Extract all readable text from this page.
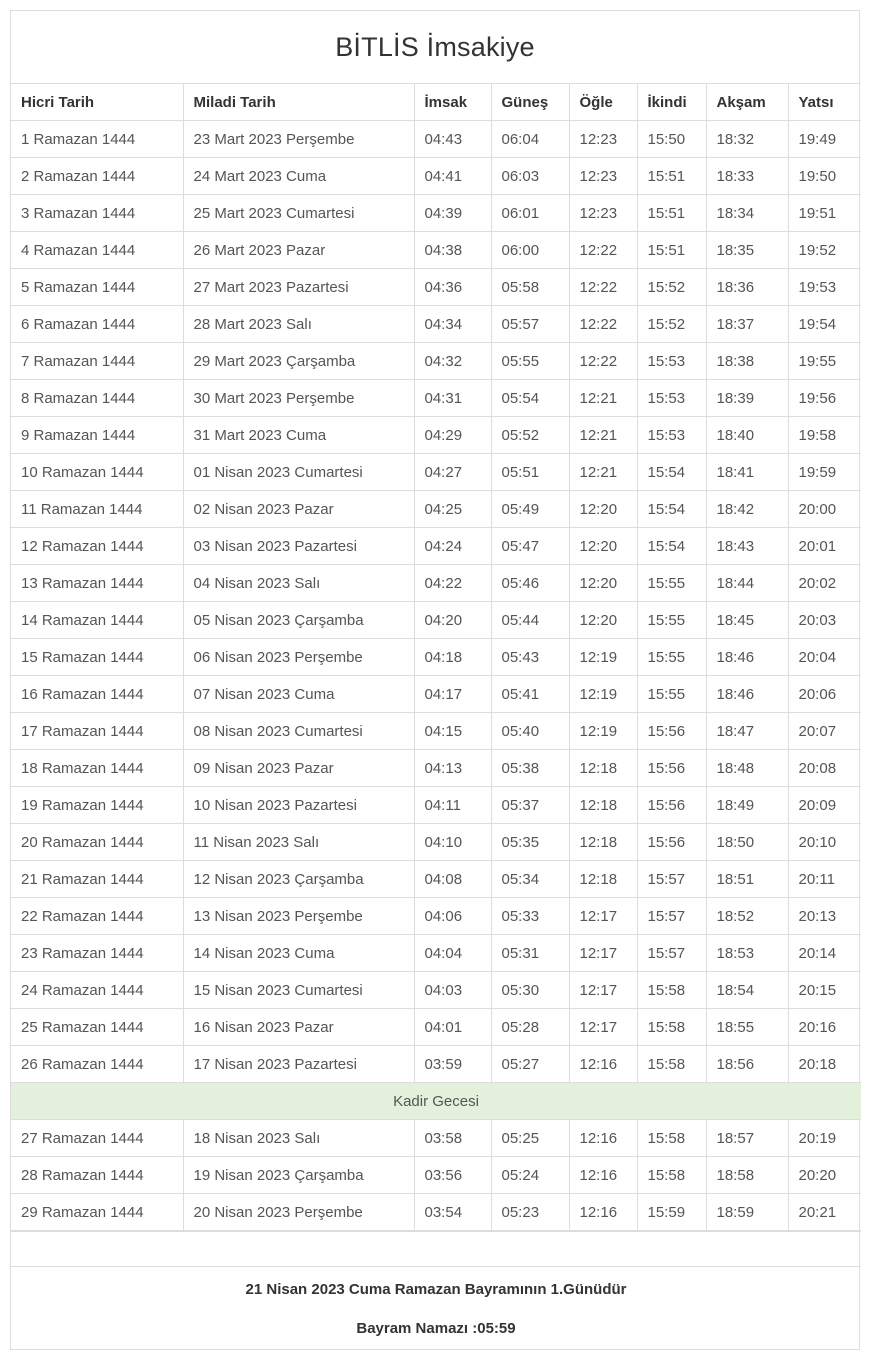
BİTLİS İmsakiye
Hicri Tarih	Miladi Tarih	İmsak	Güneş	Öğle	İkindi	Akşam	Yatsı
1 Ramazan 1444	23 Mart 2023 Perşembe	04:43	06:04	12:23	15:50	18:32	19:49
2 Ramazan 1444	24 Mart 2023 Cuma	04:41	06:03	12:23	15:51	18:33	19:50
3 Ramazan 1444	25 Mart 2023 Cumartesi	04:39	06:01	12:23	15:51	18:34	19:51
4 Ramazan 1444	26 Mart 2023 Pazar	04:38	06:00	12:22	15:51	18:35	19:52
5 Ramazan 1444	27 Mart 2023 Pazartesi	04:36	05:58	12:22	15:52	18:36	19:53
6 Ramazan 1444	28 Mart 2023 Salı	04:34	05:57	12:22	15:52	18:37	19:54
7 Ramazan 1444	29 Mart 2023 Çarşamba	04:32	05:55	12:22	15:53	18:38	19:55
8 Ramazan 1444	30 Mart 2023 Perşembe	04:31	05:54	12:21	15:53	18:39	19:56
9 Ramazan 1444	31 Mart 2023 Cuma	04:29	05:52	12:21	15:53	18:40	19:58
10 Ramazan 1444	01 Nisan 2023 Cumartesi	04:27	05:51	12:21	15:54	18:41	19:59
11 Ramazan 1444	02 Nisan 2023 Pazar	04:25	05:49	12:20	15:54	18:42	20:00
12 Ramazan 1444	03 Nisan 2023 Pazartesi	04:24	05:47	12:20	15:54	18:43	20:01
13 Ramazan 1444	04 Nisan 2023 Salı	04:22	05:46	12:20	15:55	18:44	20:02
14 Ramazan 1444	05 Nisan 2023 Çarşamba	04:20	05:44	12:20	15:55	18:45	20:03
15 Ramazan 1444	06 Nisan 2023 Perşembe	04:18	05:43	12:19	15:55	18:46	20:04
16 Ramazan 1444	07 Nisan 2023 Cuma	04:17	05:41	12:19	15:55	18:46	20:06
17 Ramazan 1444	08 Nisan 2023 Cumartesi	04:15	05:40	12:19	15:56	18:47	20:07
18 Ramazan 1444	09 Nisan 2023 Pazar	04:13	05:38	12:18	15:56	18:48	20:08
19 Ramazan 1444	10 Nisan 2023 Pazartesi	04:11	05:37	12:18	15:56	18:49	20:09
20 Ramazan 1444	11 Nisan 2023 Salı	04:10	05:35	12:18	15:56	18:50	20:10
21 Ramazan 1444	12 Nisan 2023 Çarşamba	04:08	05:34	12:18	15:57	18:51	20:11
22 Ramazan 1444	13 Nisan 2023 Perşembe	04:06	05:33	12:17	15:57	18:52	20:13
23 Ramazan 1444	14 Nisan 2023 Cuma	04:04	05:31	12:17	15:57	18:53	20:14
24 Ramazan 1444	15 Nisan 2023 Cumartesi	04:03	05:30	12:17	15:58	18:54	20:15
25 Ramazan 1444	16 Nisan 2023 Pazar	04:01	05:28	12:17	15:58	18:55	20:16
26 Ramazan 1444	17 Nisan 2023 Pazartesi	03:59	05:27	12:16	15:58	18:56	20:18
Kadir Gecesi							
27 Ramazan 1444	18 Nisan 2023 Salı	03:58	05:25	12:16	15:58	18:57	20:19
28 Ramazan 1444	19 Nisan 2023 Çarşamba	03:56	05:24	12:16	15:58	18:58	20:20
29 Ramazan 1444	20 Nisan 2023 Perşembe	03:54	05:23	12:16	15:59	18:59	20:21

21 Nisan 2023 Cuma Ramazan Bayramının 1.Günüdür

Bayram Namazı :05:59							
